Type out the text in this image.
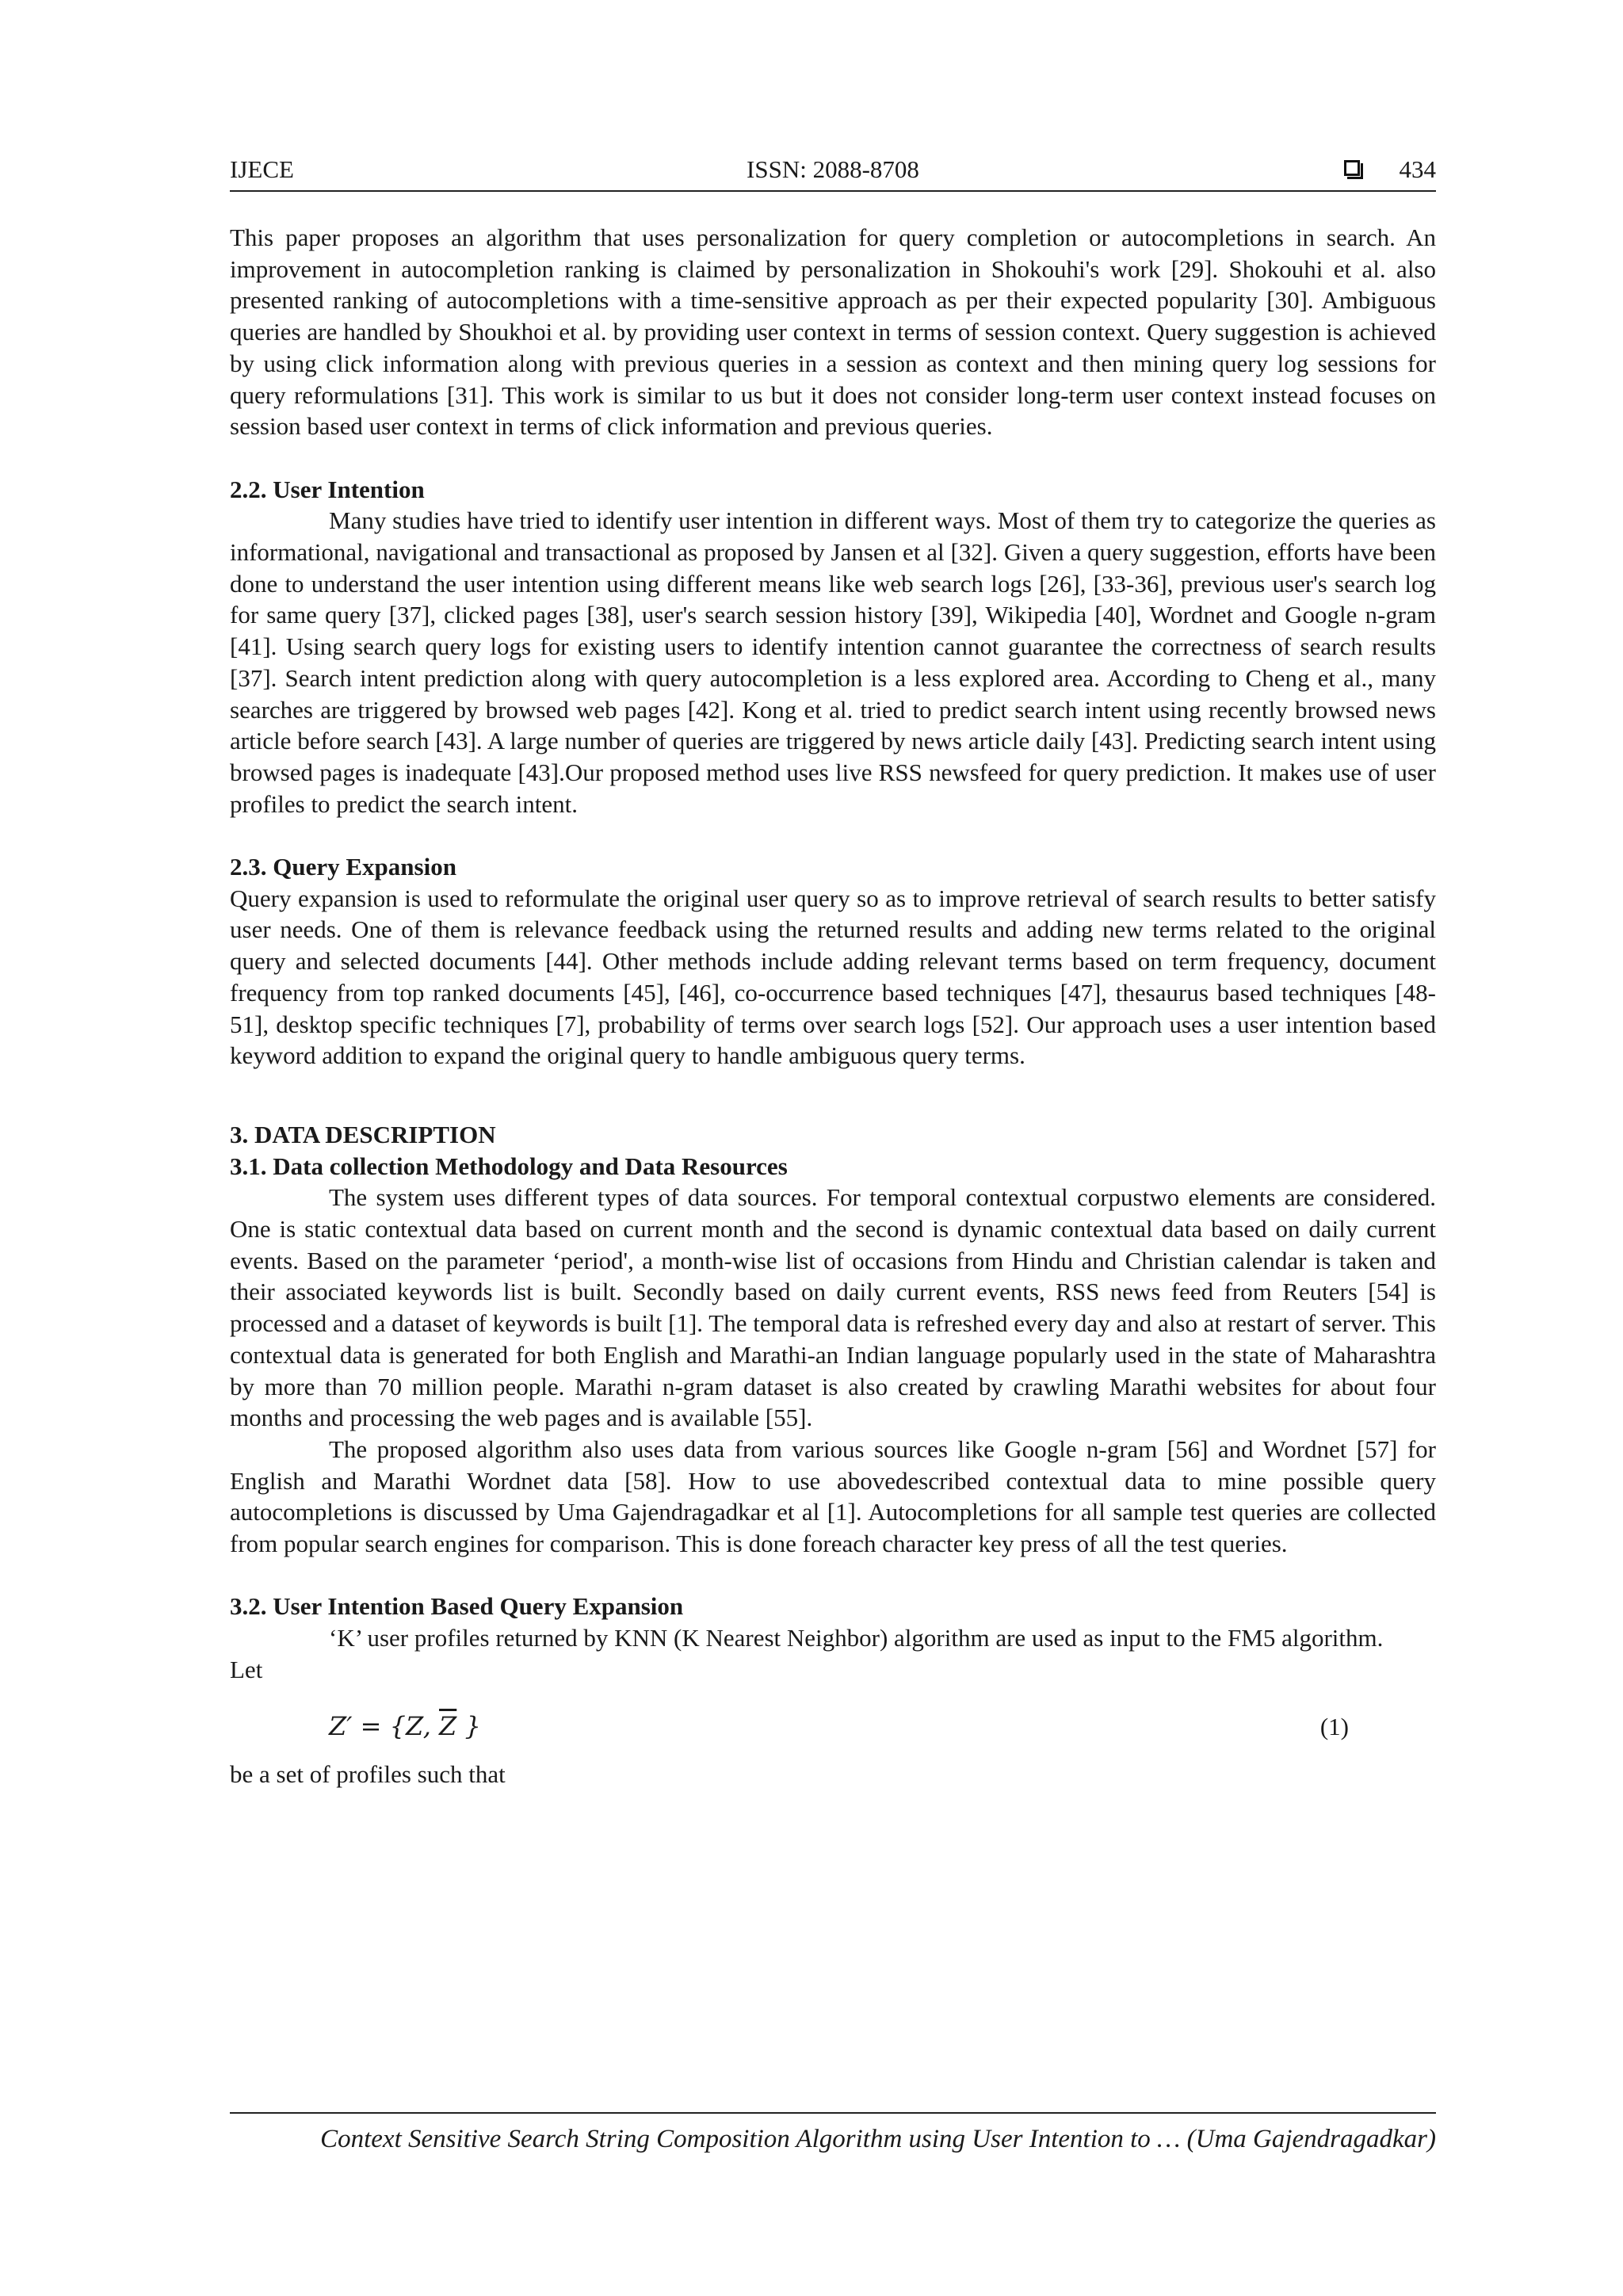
IJECE	ISSN: 2088-8708	434

This paper proposes an algorithm that uses personalization for query completion or autocompletions in search. An improvement in autocompletion ranking is claimed by personalization in Shokouhi's work [29]. Shokouhi et al. also presented ranking of autocompletions with a time-sensitive approach as per their expected popularity [30]. Ambiguous queries are handled by Shoukhoi et al. by providing user context in terms of session context. Query suggestion is achieved by using click information along with previous queries in a session as context and then mining query log sessions for query reformulations [31]. This work is similar to us but it does not consider long-term user context instead focuses on session based user context in terms of click information and previous queries.

2.2. User Intention

Many studies have tried to identify user intention in different ways. Most of them try to categorize the queries as informational, navigational and transactional as proposed by Jansen et al [32]. Given a query suggestion, efforts have been done to understand the user intention using different means like web search logs [26], [33-36], previous user's search log for same query [37], clicked pages [38], user's search session history [39], Wikipedia [40], Wordnet and Google n-gram [41]. Using search query logs for existing users to identify intention cannot guarantee the correctness of search results [37]. Search intent prediction along with query autocompletion is a less explored area. According to Cheng et al., many searches are triggered by browsed web pages [42]. Kong et al. tried to predict search intent using recently browsed news article before search [43]. A large number of queries are triggered by news article daily [43]. Predicting search intent using browsed pages is inadequate [43].Our proposed method uses live RSS newsfeed for query prediction. It makes use of user profiles to predict the search intent.

2.3. Query Expansion

Query expansion is used to reformulate the original user query so as to improve retrieval of search results to better satisfy user needs. One of them is relevance feedback using the returned results and adding new terms related to the original query and selected documents [44]. Other methods include adding relevant terms based on term frequency, document frequency from top ranked documents [45], [46], co-occurrence based techniques [47], thesaurus based techniques [48- 51], desktop specific techniques [7], probability of terms over search logs [52]. Our approach uses a user intention based keyword addition to expand the original query to handle ambiguous query terms.

3. DATA DESCRIPTION
3.1. Data collection Methodology and Data Resources

The system uses different types of data sources. For temporal contextual corpustwo elements are considered. One is static contextual data based on current month and the second is dynamic contextual data based on daily current events. Based on the parameter ‘period', a month-wise list of occasions from Hindu and Christian calendar is taken and their associated keywords list is built. Secondly based on daily current events, RSS news feed from Reuters [54] is processed and a dataset of keywords is built [1]. The temporal data is refreshed every day and also at restart of server. This contextual data is generated for both English and Marathi-an Indian language popularly used in the state of Maharashtra by more than 70 million people. Marathi n-gram dataset is also created by crawling Marathi websites for about four months and processing the web pages and is available [55].

The proposed algorithm also uses data from various sources like Google n-gram [56] and Wordnet [57] for English and Marathi Wordnet data [58]. How to use abovedescribed contextual data to mine possible query autocompletions is discussed by Uma Gajendragadkar et al [1]. Autocompletions for all sample test queries are collected from popular search engines for comparison. This is done foreach character key press of all the test queries.

3.2. User Intention Based Query Expansion

‘K’ user profiles returned by KNN (K Nearest Neighbor) algorithm are used as input to the FM5 algorithm.

Let

Z′ = {Z, $\overline{Z}$ }	(1)

be a set of profiles such that

Context Sensitive Search String Composition Algorithm using User Intention to … (Uma Gajendragadkar)
